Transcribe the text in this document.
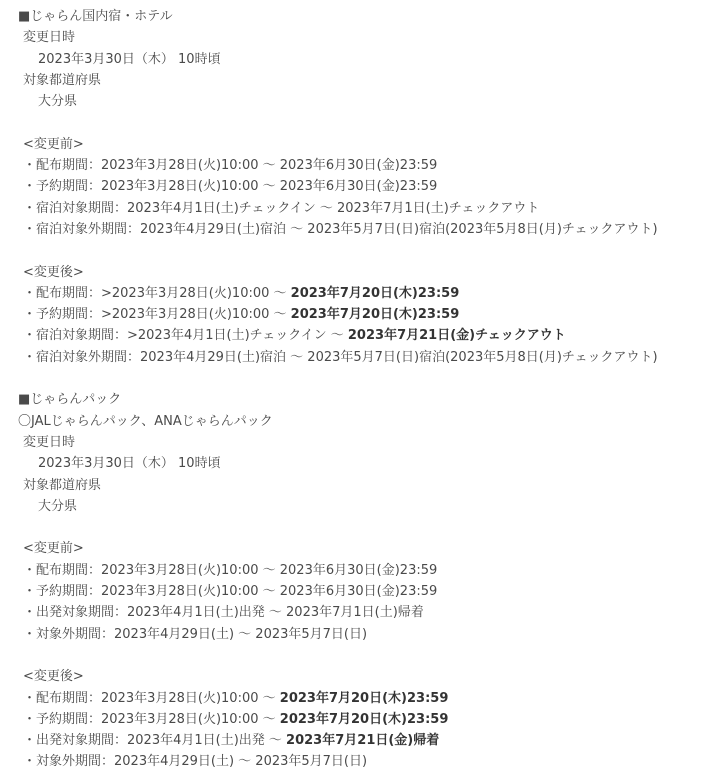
■じゃらん国内宿・ホテル
変更日時
2023年3月30日（木） 10時頃
対象都道府県
大分県
<変更前>
・配布期間：2023年3月28日(火)10:00 ～ 2023年6月30日(金)23:59
・予約期間：2023年3月28日(火)10:00 ～ 2023年6月30日(金)23:59
・宿泊対象期間：2023年4月1日(土)チェックイン ～ 2023年7月1日(土)チェックアウト
・宿泊対象外期間：2023年4月29日(土)宿泊 ～ 2023年5月7日(日)宿泊(2023年5月8日(月)チェックアウト)
<変更後>
・配布期間：>2023年3月28日(火)10:00 ～ 2023年7月20日(木)23:59
・予約期間：>2023年3月28日(火)10:00 ～ 2023年7月20日(木)23:59
・宿泊対象期間：>2023年4月1日(土)チェックイン ～ 2023年7月21日(金)チェックアウト
・宿泊対象外期間：2023年4月29日(土)宿泊 ～ 2023年5月7日(日)宿泊(2023年5月8日(月)チェックアウト)
■じゃらんパック
〇JALじゃらんパック、ANAじゃらんパック
変更日時
2023年3月30日（木） 10時頃
対象都道府県
大分県
<変更前>
・配布期間：2023年3月28日(火)10:00 ～ 2023年6月30日(金)23:59
・予約期間：2023年3月28日(火)10:00 ～ 2023年6月30日(金)23:59
・出発対象期間：2023年4月1日(土)出発 ～ 2023年7月1日(土)帰着
・対象外期間：2023年4月29日(土) ～ 2023年5月7日(日)
<変更後>
・配布期間：2023年3月28日(火)10:00 ～ 2023年7月20日(木)23:59
・予約期間：2023年3月28日(火)10:00 ～ 2023年7月20日(木)23:59
・出発対象期間：2023年4月1日(土)出発 ～ 2023年7月21日(金)帰着
・対象外期間：2023年4月29日(土) ～ 2023年5月7日(日)
